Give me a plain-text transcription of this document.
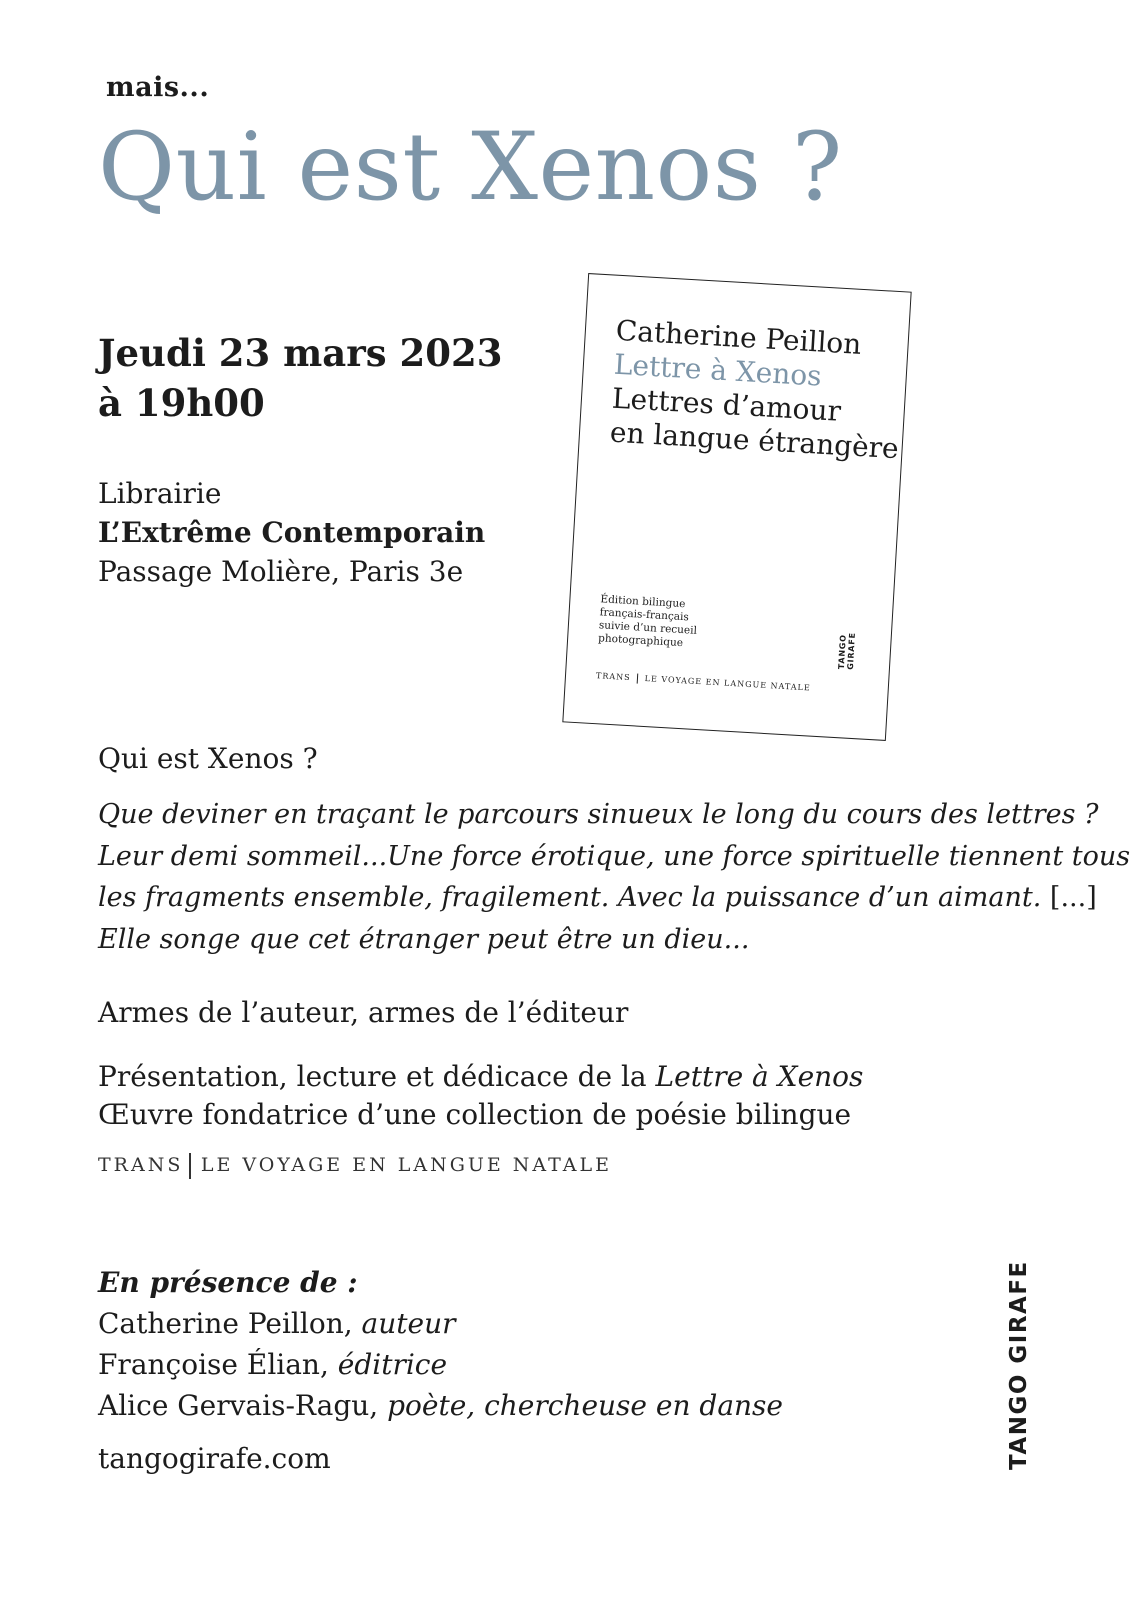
mais...
Qui est Xenos ?
Jeudi 23 mars 2023
à 19h00
Librairie
L’Extrême Contemporain
Passage Molière, Paris 3e
Catherine Peillon
Lettre à Xenos
Lettres d’amour
en langue étrangère
Édition bilingue
français-français
suivie d’un recueil
photographique
TRANS LE VOYAGE EN LANGUE NATALE
TANGO GIRAFE
Qui est Xenos ?
Que deviner en traçant le parcours sinueux le long du cours des lettres ?
Leur demi sommeil...Une force érotique, une force spirituelle tiennent tous
les fragments ensemble, fragilement. Avec la puissance d’un aimant. [...]
Elle songe que cet étranger peut être un dieu...
Armes de l’auteur, armes de l’éditeur
Présentation, lecture et dédicace de la Lettre à Xenos
Œuvre fondatrice d’une collection de poésie bilingue
TRANS LE VOYAGE EN LANGUE NATALE
En présence de :
Catherine Peillon, auteur
Françoise Élian, éditrice
Alice Gervais-Ragu, poète, chercheuse en danse
tangogirafe.com	TANGO GIRAFE
